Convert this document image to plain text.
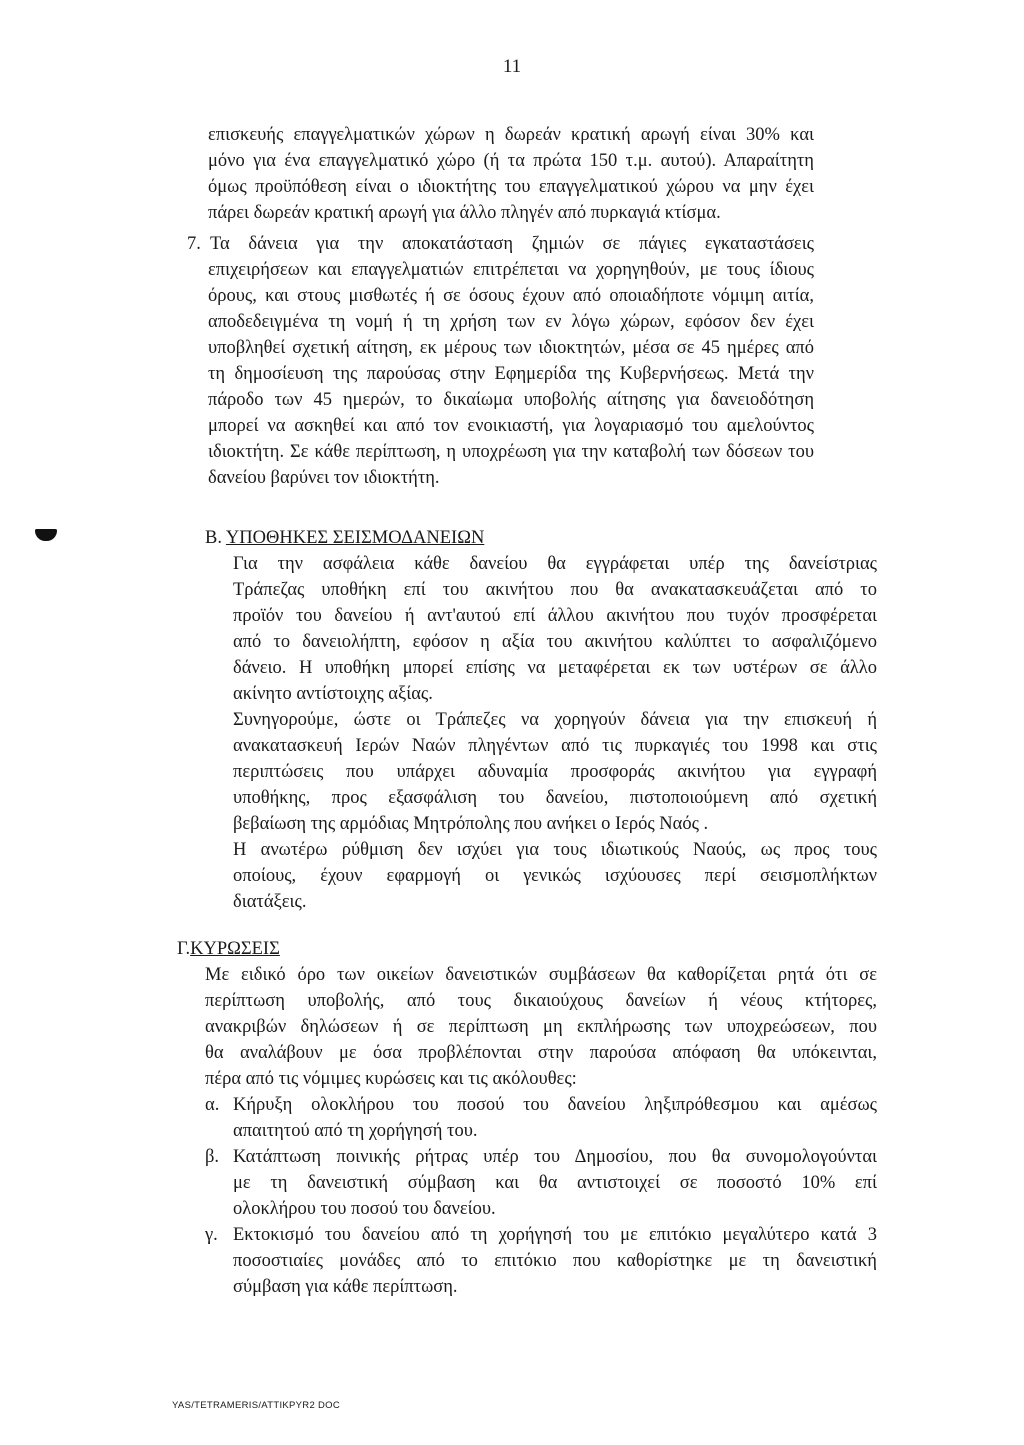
11
επισκευής επαγγελματικών χώρων η δωρεάν κρατική αρωγή είναι 30% και
μόνο για ένα επαγγελματικό χώρο (ή τα πρώτα 150 τ.μ. αυτού). Απαραίτητη
όμως προϋπόθεση είναι ο ιδιοκτήτης του επαγγελματικού χώρου να μην έχει
πάρει δωρεάν κρατική αρωγή για άλλο πληγέν από πυρκαγιά κτίσμα.
7. Τα δάνεια για την αποκατάσταση ζημιών σε πάγιες εγκαταστάσεις
επιχειρήσεων και επαγγελματιών επιτρέπεται να χορηγηθούν, με τους ίδιους
όρους, και στους μισθωτές ή σε όσους έχουν από οποιαδήποτε νόμιμη αιτία,
αποδεδειγμένα τη νομή ή τη χρήση των εν λόγω χώρων, εφόσον δεν έχει
υποβληθεί σχετική αίτηση, εκ μέρους των ιδιοκτητών, μέσα σε 45 ημέρες από
τη δημοσίευση της παρούσας στην Εφημερίδα της Κυβερνήσεως. Μετά την
πάροδο των 45 ημερών, το δικαίωμα υποβολής αίτησης για δανειοδότηση
μπορεί να ασκηθεί και από τον ενοικιαστή, για λογαριασμό του αμελούντος
ιδιοκτήτη. Σε κάθε περίπτωση, η υποχρέωση για την καταβολή των δόσεων του
δανείου βαρύνει τον ιδιοκτήτη.
Β. ΥΠΟΘΗΚΕΣ ΣΕΙΣΜΟΔΑΝΕΙΩΝ
Για την ασφάλεια κάθε δανείου θα εγγράφεται υπέρ της δανείστριας
Τράπεζας υποθήκη επί του ακινήτου που θα ανακατασκευάζεται από το
προϊόν του δανείου ή αντ'αυτού επί άλλου ακινήτου που τυχόν προσφέρεται
από το δανειολήπτη, εφόσον η αξία του ακινήτου καλύπτει το ασφαλιζόμενο
δάνειο. Η υποθήκη μπορεί επίσης να μεταφέρεται εκ των υστέρων σε άλλο
ακίνητο αντίστοιχης αξίας.
Συνηγορούμε, ώστε οι Τράπεζες να χορηγούν δάνεια για την επισκευή ή
ανακατασκευή Ιερών Ναών πληγέντων από τις πυρκαγιές του 1998 και στις
περιπτώσεις που υπάρχει αδυναμία προσφοράς ακινήτου για εγγραφή
υποθήκης, προς εξασφάλιση του δανείου, πιστοποιούμενη από σχετική
βεβαίωση της αρμόδιας Μητρόπολης που ανήκει ο Ιερός Ναός .
Η ανωτέρω ρύθμιση δεν ισχύει για τους ιδιωτικούς Ναούς, ως προς τους
οποίους, έχουν εφαρμογή οι γενικώς ισχύουσες περί σεισμοπλήκτων
διατάξεις.
Γ.ΚΥΡΩΣΕΙΣ
Με ειδικό όρο των οικείων δανειστικών συμβάσεων θα καθορίζεται ρητά ότι σε
περίπτωση υποβολής, από τους δικαιούχους δανείων ή νέους κτήτορες,
ανακριβών δηλώσεων ή σε περίπτωση μη εκπλήρωσης των υποχρεώσεων, που
θα αναλάβουν με όσα προβλέπονται στην παρούσα απόφαση θα υπόκεινται,
πέρα από τις νόμιμες κυρώσεις και τις ακόλουθες:
α. Κήρυξη ολοκλήρου του ποσού του δανείου ληξιπρόθεσμου και αμέσως
απαιτητού από τη χορήγησή του.
β. Κατάπτωση ποινικής ρήτρας υπέρ του Δημοσίου, που θα συνομολογούνται
με τη δανειστική σύμβαση και θα αντιστοιχεί σε ποσοστό 10% επί
ολοκλήρου του ποσού του δανείου.
γ. Εκτοκισμό του δανείου από τη χορήγησή του με επιτόκιο μεγαλύτερο κατά 3
ποσοστιαίες μονάδες από το επιτόκιο που καθορίστηκε με τη δανειστική
σύμβαση για κάθε περίπτωση.
YAS/TETRAMERIS/ATTIKPYR2 DOC
